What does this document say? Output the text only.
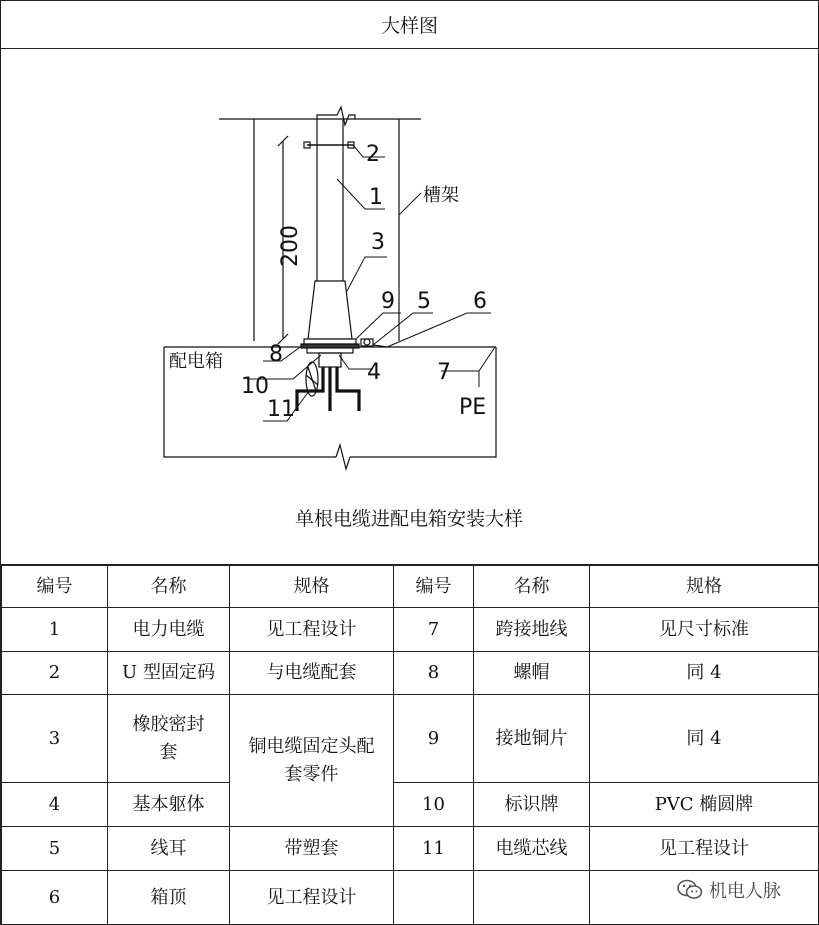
大样图
2
1
3
9 5 6
8
7
4
10
11	PE
200
槽架
配电箱
单根电缆进配电箱安装大样
编号	名称	规格	编号	名称	规格
1	电力电缆	见工程设计	7	跨接地线	见尺寸标准
2	U 型固定码	与电缆配套	8	螺帽	同 4
3	橡胶密封套	铜电缆固定头配套零件	9	接地铜片	同 4
4	基本躯体		10	标识牌	PVC 椭圆牌
5	线耳	带塑套	11	电缆芯线	见工程设计
6	箱顶	见工程设计				机电人脉
